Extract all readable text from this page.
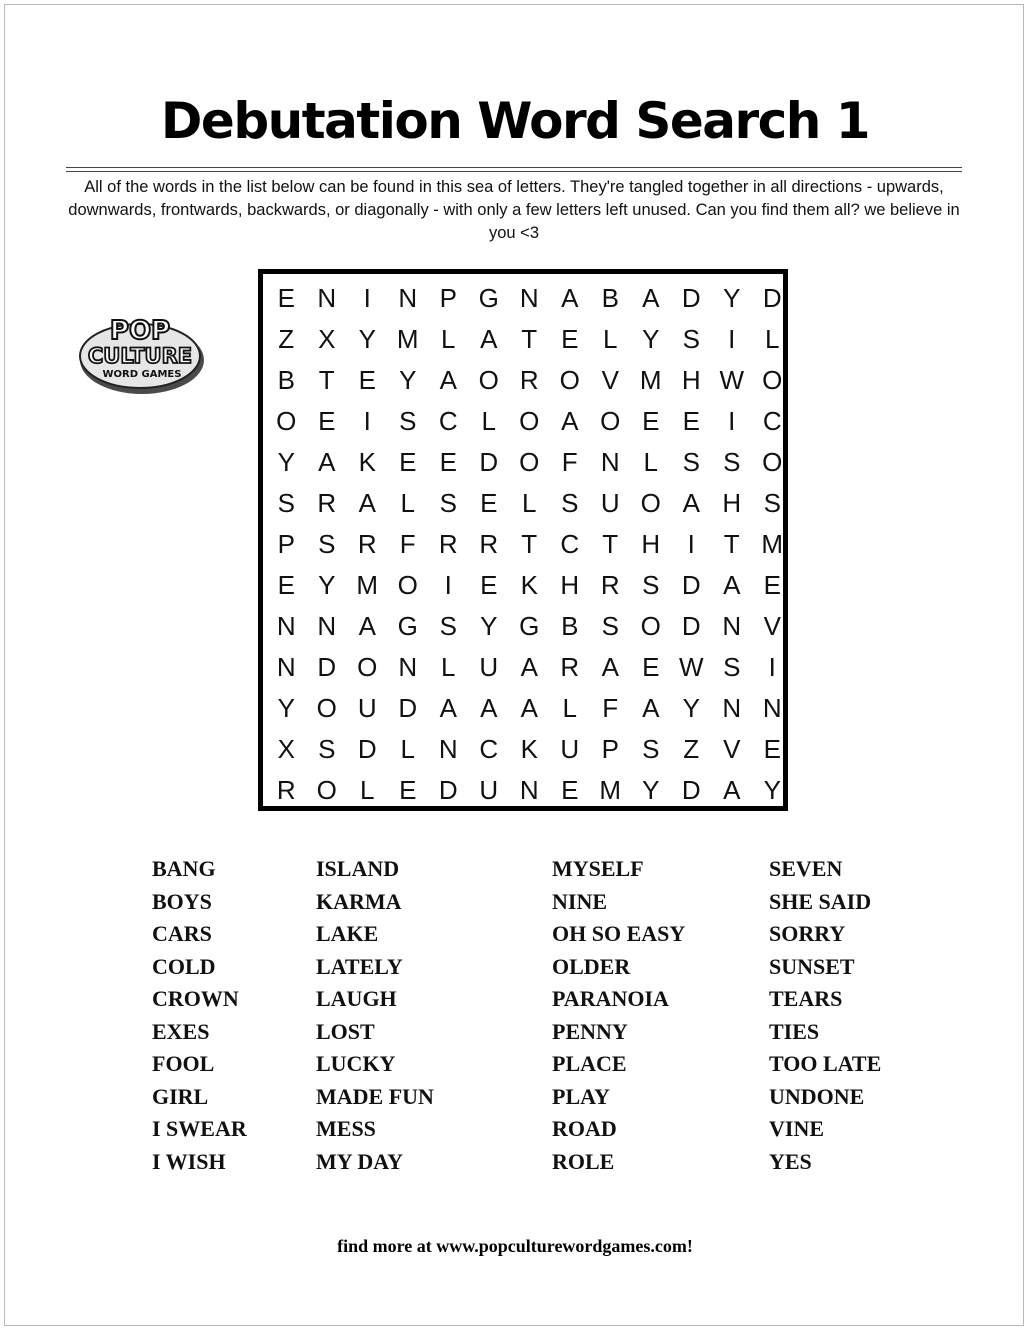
Debutation Word Search 1
All of the words in the list below can be found in this sea of letters. They're tangled together in all directions - upwards, downwards, frontwards, backwards, or diagonally - with only a few letters left unused. Can you find them all? we believe in you <3
POP
CULTURE
WORD GAMES
E N	I	N P G N A B A D Y D
Z X Y M L A T E L Y S	I	L
B T E Y A O R O V M H W O
O E	I	S C L O A O E E	I	C
Y A K E E D O F N L S S O
S R A L S E L S U O A H S
P S R F R R T C T H	I	T M
E Y M O	I	E K H R S D A E
N N A G S Y G B S O D N V
N D O N L U A R A E W S	I
Y O U D A A A L F A Y N N
X S D L N C K U P S Z V E
R O L E D U N E M Y D A Y
BANG
BOYS
CARS
COLD
CROWN
EXES
FOOL
GIRL
I SWEAR
I WISH
ISLAND
KARMA
LAKE
LATELY
LAUGH
LOST
LUCKY
MADE FUN
MESS
MY DAY
MYSELF
NINE
OH SO EASY
OLDER
PARANOIA
PENNY
PLACE
PLAY
ROAD
ROLE
SEVEN
SHE SAID
SORRY
SUNSET
TEARS
TIES
TOO LATE
UNDONE
VINE
YES
find more at www.popculturewordgames.com!
